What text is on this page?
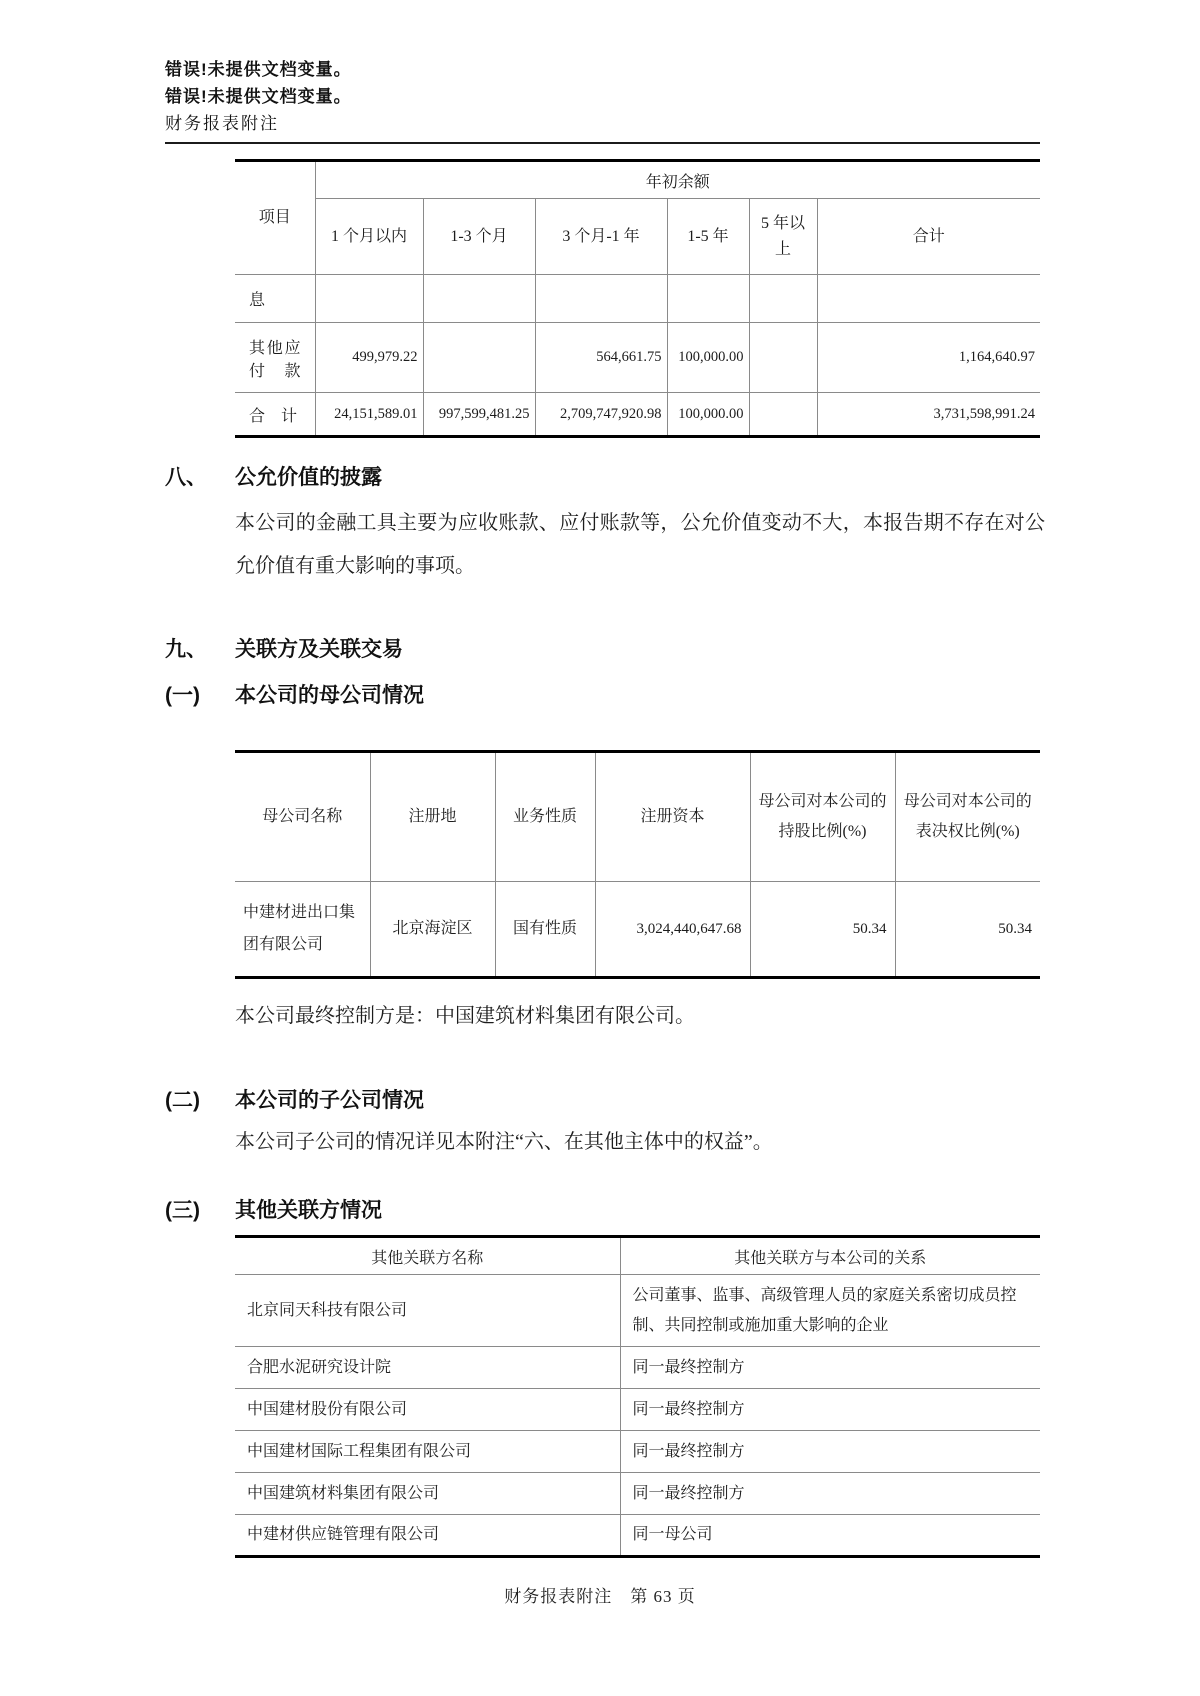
错误!未提供文档变量。
错误!未提供文档变量。
财务报表附注
项目	年初余额					
	1 个月以内	1-3 个月	3 个月-1 年	1-5 年	5 年以上	合计
息						
其他应付款	499,979.22		564,661.75	100,000.00		1,164,640.97
合　计	24,151,589.01	997,599,481.25	2,709,747,920.98	100,000.00		3,731,598,991.24
八、	公允价值的披露

本公司的金融工具主要为应收账款、应付账款等，公允价值变动不大，本报告期不存在对公允价值有重大影响的事项。

九、	关联方及关联交易
(一)	本公司的母公司情况
母公司名称	注册地	业务性质	注册资本	母公司对本公司的持股比例(%)	母公司对本公司的表决权比例(%)
中建材进出口集团有限公司	北京海淀区	国有性质	3,024,440,647.68	50.34	50.34

本公司最终控制方是：中国建筑材料集团有限公司。

(二)	本公司的子公司情况

本公司子公司的情况详见本附注“六、在其他主体中的权益”。

(三)	其他关联方情况
其他关联方名称	其他关联方与本公司的关系
北京同天科技有限公司	公司董事、监事、高级管理人员的家庭关系密切成员控制、共同控制或施加重大影响的企业
合肥水泥研究设计院	同一最终控制方
中国建材股份有限公司	同一最终控制方
中国建材国际工程集团有限公司	同一最终控制方
中国建筑材料集团有限公司	同一最终控制方
中建材供应链管理有限公司	同一母公司
财务报表附注　第 63 页
